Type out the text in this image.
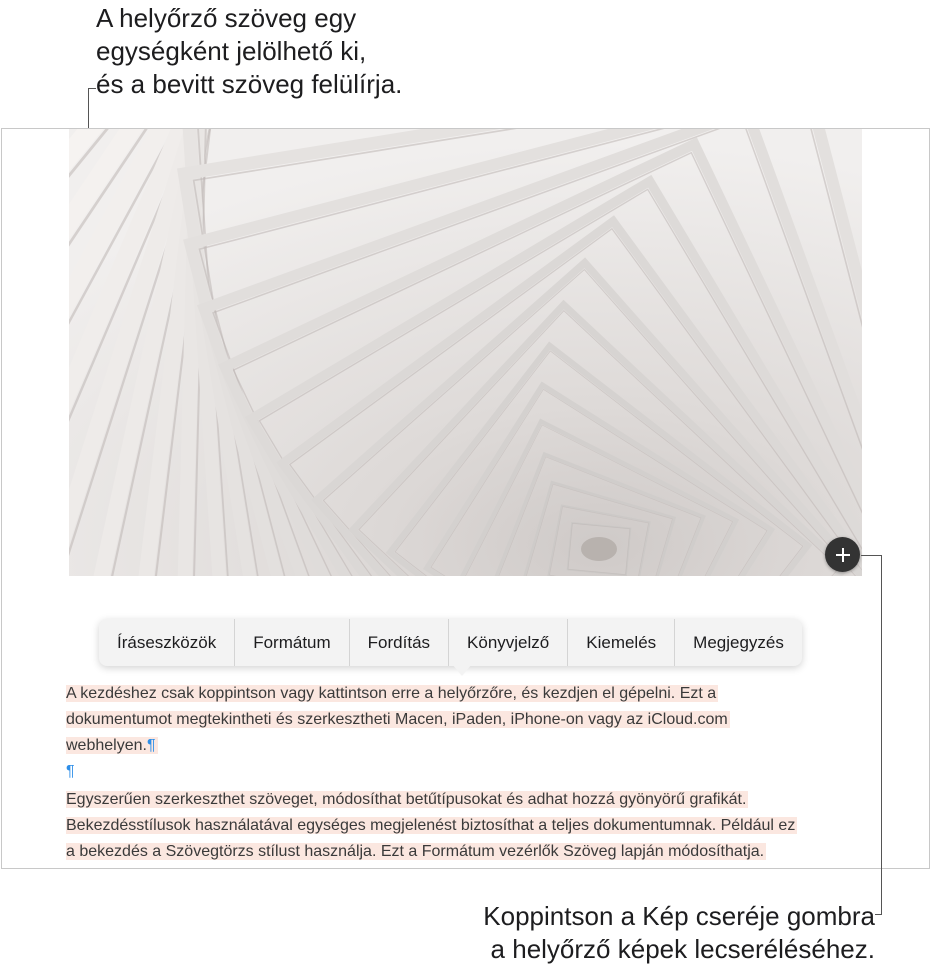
A helyőrző szöveg egy
egységként jelölhető ki,
és a bevitt szöveg felülírja.
Íráseszközök	Formátum	Fordítás	Könyvjelző	Kiemelés	Megjegyzés
A kezdéshez csak koppintson vagy kattintson erre a helyőrzőre, és kezdjen el gépelni. Ezt a
dokumentumot megtekintheti és szerkesztheti Macen, iPaden, iPhone-on vagy az iCloud.com
webhelyen.¶
¶
Egyszerűen szerkeszthet szöveget, módosíthat betűtípusokat és adhat hozzá gyönyörű grafikát.
Bekezdésstílusok használatával egységes megjelenést biztosíthat a teljes dokumentumnak. Például ez
a bekezdés a Szövegtörzs stílust használja. Ezt a Formátum vezérlők Szöveg lapján módosíthatja.
Koppintson a Kép cseréje gombra
a helyőrző képek lecseréléséhez.
